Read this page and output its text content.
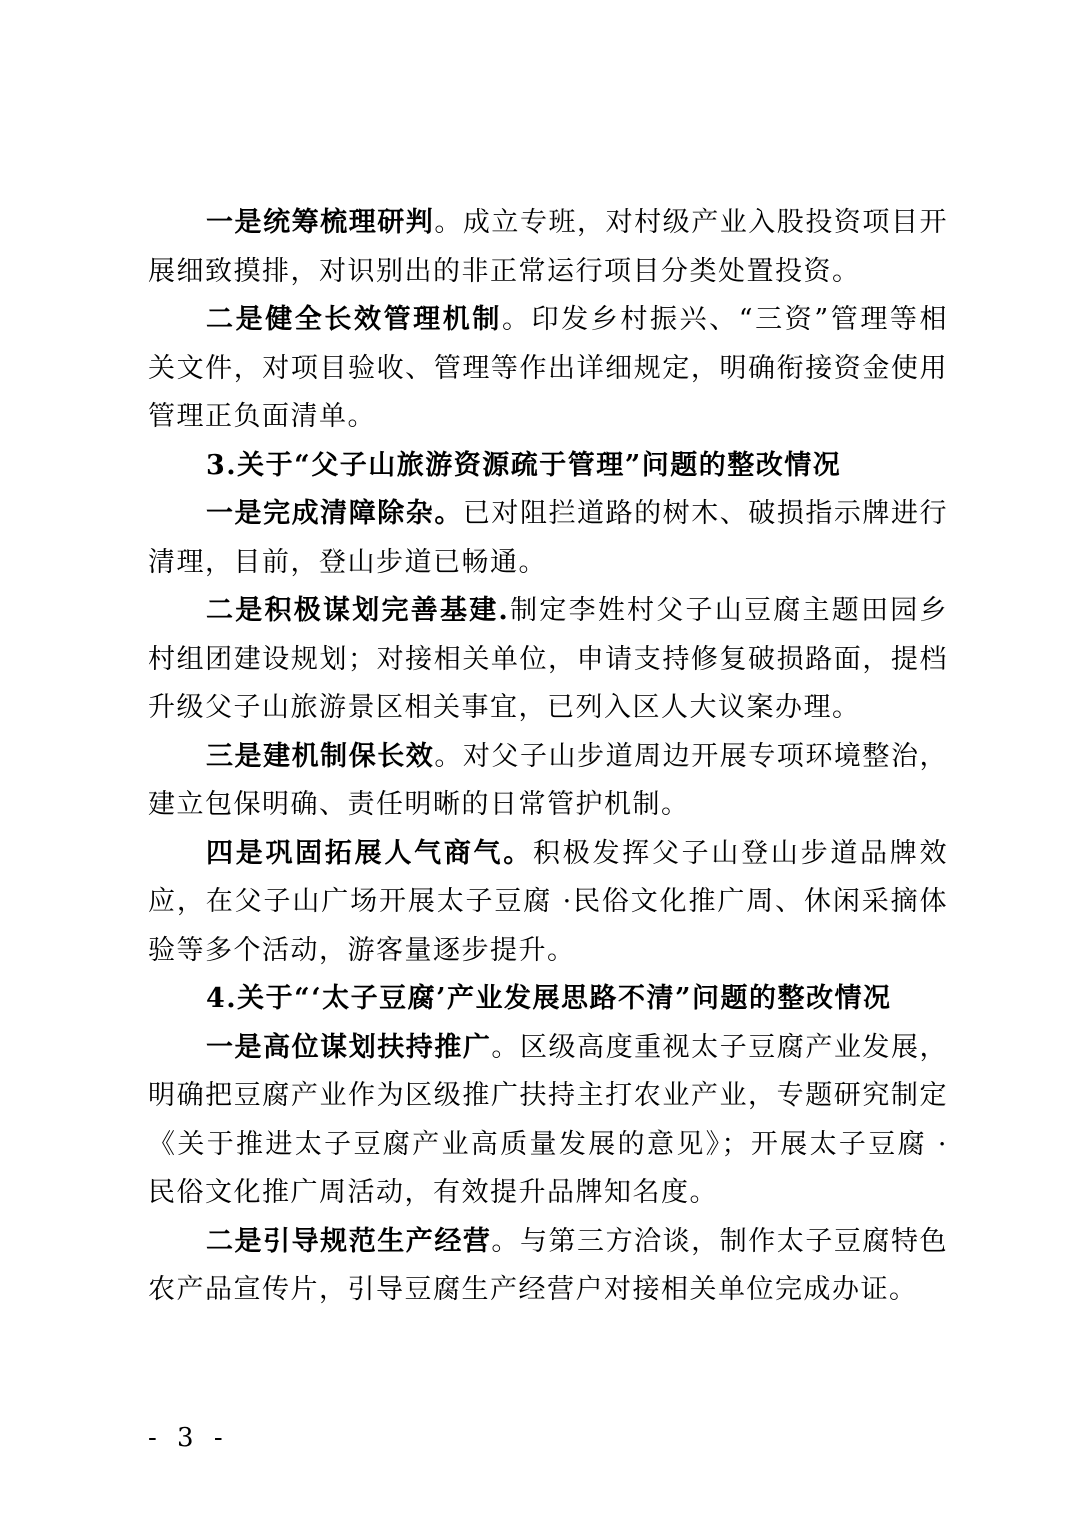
一是统筹梳理研判。成立专班，对村级产业入股投资项目开展细致摸排，对识别出的非正常运行项目分类处置投资。

二是健全长效管理机制。印发乡村振兴、“三资”管理等相关文件，对项目验收、管理等作出详细规定，明确衔接资金使用管理正负面清单。

3.关于“父子山旅游资源疏于管理”问题的整改情况

一是完成清障除杂。已对阻拦道路的树木、破损指示牌进行清理，目前，登山步道已畅通。

二是积极谋划完善基建.制定李姓村父子山豆腐主题田园乡村组团建设规划；对接相关单位，申请支持修复破损路面，提档升级父子山旅游景区相关事宜，已列入区人大议案办理。

三是建机制保长效。对父子山步道周边开展专项环境整治，建立包保明确、责任明晰的日常管护机制。

四是巩固拓展人气商气。积极发挥父子山登山步道品牌效应，在父子山广场开展太子豆腐 ·民俗文化推广周、休闲采摘体验等多个活动，游客量逐步提升。

4.关于“‘太子豆腐’产业发展思路不清”问题的整改情况

一是高位谋划扶持推广。区级高度重视太子豆腐产业发展，明确把豆腐产业作为区级推广扶持主打农业产业，专题研究制定《关于推进太子豆腐产业高质量发展的意见》；开展太子豆腐 ·民俗文化推广周活动，有效提升品牌知名度。

二是引导规范生产经营。与第三方洽谈，制作太子豆腐特色农产品宣传片，引导豆腐生产经营户对接相关单位完成办证。

- 3 -
